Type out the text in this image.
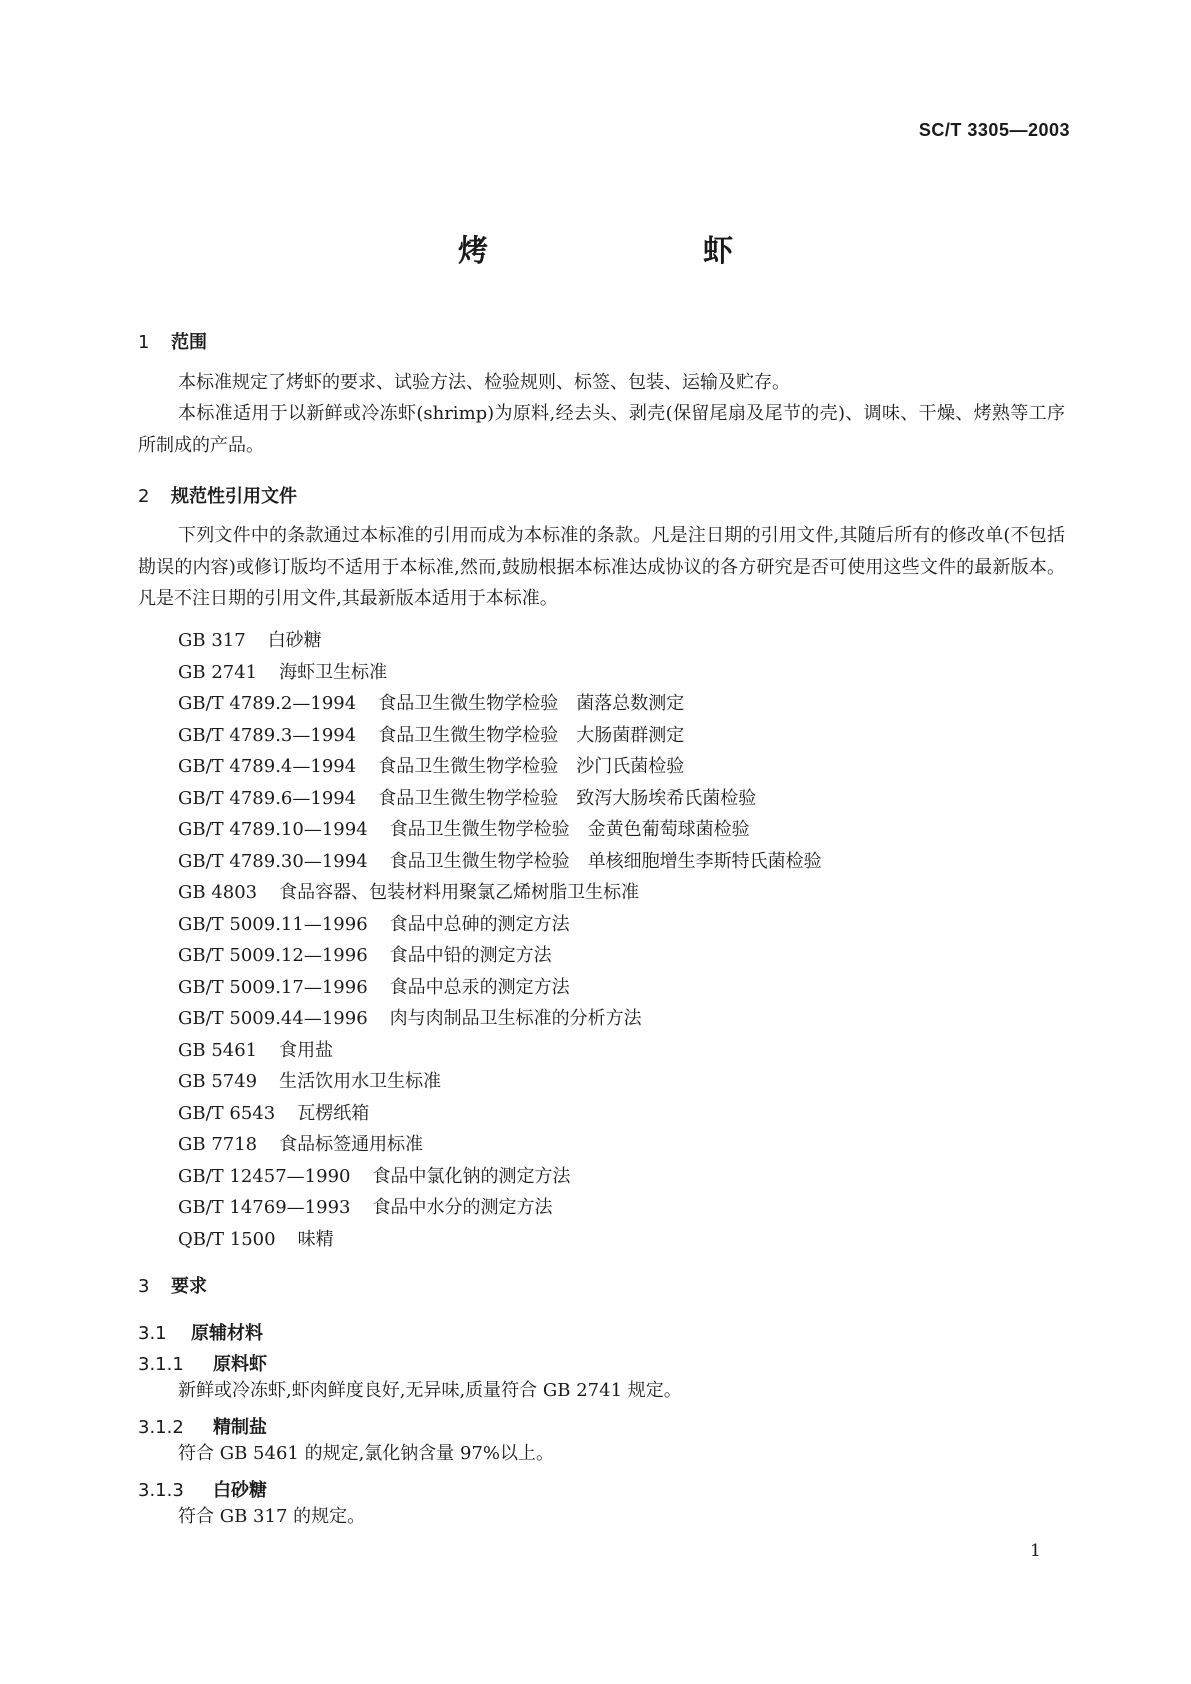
SC/T 3305—2003
烤	虾
1 范围

本标准规定了烤虾的要求、试验方法、检验规则、标签、包装、运输及贮存。

本标准适用于以新鲜或冷冻虾(shrimp)为原料,经去头、剥壳(保留尾扇及尾节的壳)、调味、干燥、烤熟等工序所制成的产品。

2 规范性引用文件

下列文件中的条款通过本标准的引用而成为本标准的条款。凡是注日期的引用文件,其随后所有的修改单(不包括勘误的内容)或修订版均不适用于本标准,然而,鼓励根据本标准达成协议的各方研究是否可使用这些文件的最新版本。凡是不注日期的引用文件,其最新版本适用于本标准。

GB 317 白砂糖
GB 2741 海虾卫生标准
GB/T 4789.2—1994 食品卫生微生物学检验　菌落总数测定
GB/T 4789.3—1994 食品卫生微生物学检验　大肠菌群测定
GB/T 4789.4—1994 食品卫生微生物学检验　沙门氏菌检验
GB/T 4789.6—1994 食品卫生微生物学检验　致泻大肠埃希氏菌检验
GB/T 4789.10—1994 食品卫生微生物学检验　金黄色葡萄球菌检验
GB/T 4789.30—1994 食品卫生微生物学检验　单核细胞增生李斯特氏菌检验
GB 4803 食品容器、包装材料用聚氯乙烯树脂卫生标准
GB/T 5009.11—1996 食品中总砷的测定方法
GB/T 5009.12—1996 食品中铅的测定方法
GB/T 5009.17—1996 食品中总汞的测定方法
GB/T 5009.44—1996 肉与肉制品卫生标准的分析方法
GB 5461 食用盐
GB 5749 生活饮用水卫生标准
GB/T 6543 瓦楞纸箱
GB 7718 食品标签通用标准
GB/T 12457—1990 食品中氯化钠的测定方法
GB/T 14769—1993 食品中水分的测定方法
QB/T 1500 味精
3 要求
3.1 原辅材料
3.1.1 原料虾
新鲜或冷冻虾,虾肉鲜度良好,无异味,质量符合 GB 2741 规定。
3.1.2 精制盐
符合 GB 5461 的规定,氯化钠含量 97%以上。
3.1.3 白砂糖
符合 GB 317 的规定。
1
